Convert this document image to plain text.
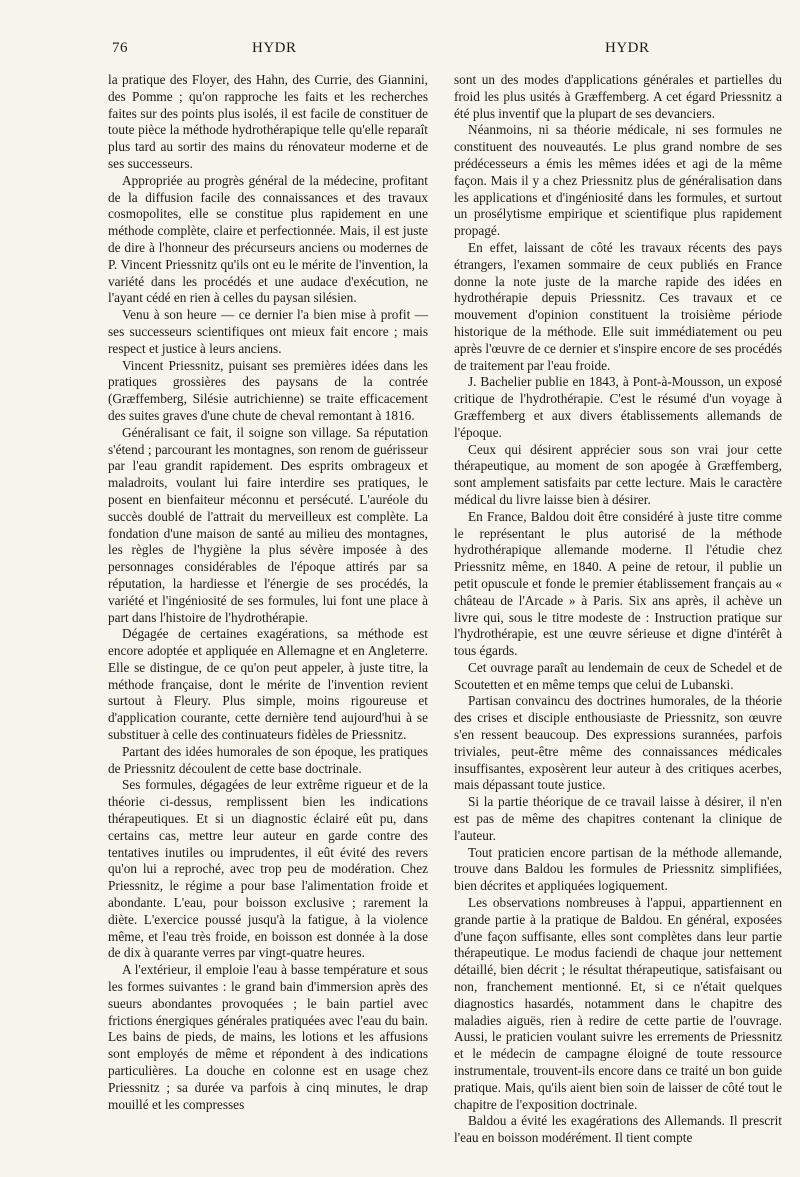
76	HYDR	HYDR

la pratique des Floyer, des Hahn, des Currie, des Giannini, des Pomme ; qu'on rapproche les faits et les recherches faites sur des points plus isolés, il est facile de constituer de toute pièce la méthode hydrothérapique telle qu'elle reparaît plus tard au sortir des mains du rénovateur moderne et de ses successeurs.

Appropriée au progrès général de la médecine, profitant de la diffusion facile des connaissances et des travaux cosmopolites, elle se constitue plus rapidement en une méthode complète, claire et perfectionnée. Mais, il est juste de dire à l'honneur des précurseurs anciens ou modernes de P. Vincent Priessnitz qu'ils ont eu le mérite de l'invention, la variété dans les procédés et une audace d'exécution, ne l'ayant cédé en rien à celles du paysan silésien.

Venu à son heure — ce dernier l'a bien mise à profit — ses successeurs scientifiques ont mieux fait encore ; mais respect et justice à leurs anciens.

Vincent Priessnitz, puisant ses premières idées dans les pratiques grossières des paysans de la contrée (Græffemberg, Silésie autrichienne) se traite efficacement des suites graves d'une chute de cheval remontant à 1816.

Généralisant ce fait, il soigne son village. Sa réputation s'étend ; parcourant les montagnes, son renom de guérisseur par l'eau grandit rapidement. Des esprits ombrageux et maladroits, voulant lui faire interdire ses pratiques, le posent en bienfaiteur méconnu et persécuté. L'auréole du succès doublé de l'attrait du merveilleux est complète. La fondation d'une maison de santé au milieu des montagnes, les règles de l'hygiène la plus sévère imposée à des personnages considérables de l'époque attirés par sa réputation, la hardiesse et l'énergie de ses procédés, la variété et l'ingéniosité de ses formules, lui font une place à part dans l'histoire de l'hydrothérapie.

Dégagée de certaines exagérations, sa méthode est encore adoptée et appliquée en Allemagne et en Angleterre. Elle se distingue, de ce qu'on peut appeler, à juste titre, la méthode française, dont le mérite de l'invention revient surtout à Fleury. Plus simple, moins rigoureuse et d'application courante, cette dernière tend aujourd'hui à se substituer à celle des continuateurs fidèles de Priessnitz.

Partant des idées humorales de son époque, les pratiques de Priessnitz découlent de cette base doctrinale.

Ses formules, dégagées de leur extrême rigueur et de la théorie ci-dessus, remplissent bien les indications thérapeutiques. Et si un diagnostic éclairé eût pu, dans certains cas, mettre leur auteur en garde contre des tentatives inutiles ou imprudentes, il eût évité des revers qu'on lui a reproché, avec trop peu de modération. Chez Priessnitz, le régime a pour base l'alimentation froide et abondante. L'eau, pour boisson exclusive ; rarement la diète. L'exercice poussé jusqu'à la fatigue, à la violence même, et l'eau très froide, en boisson est donnée à la dose de dix à quarante verres par vingt-quatre heures.

A l'extérieur, il emploie l'eau à basse température et sous les formes suivantes : le grand bain d'immersion après des sueurs abondantes provoquées ; le bain partiel avec frictions énergiques générales pratiquées avec l'eau du bain. Les bains de pieds, de mains, les lotions et les affusions sont employés de même et répondent à des indications particulières. La douche en colonne est en usage chez Priessnitz ; sa durée va parfois à cinq minutes, le drap mouillé et les compresses

sont un des modes d'applications générales et partielles du froid les plus usités à Græffemberg. A cet égard Priessnitz a été plus inventif que la plupart de ses devanciers.

Néanmoins, ni sa théorie médicale, ni ses formules ne constituent des nouveautés. Le plus grand nombre de ses prédécesseurs a émis les mêmes idées et agi de la même façon. Mais il y a chez Priessnitz plus de généralisation dans les applications et d'ingéniosité dans les formules, et surtout un prosélytisme empirique et scientifique plus rapidement propagé.

En effet, laissant de côté les travaux récents des pays étrangers, l'examen sommaire de ceux publiés en France donne la note juste de la marche rapide des idées en hydrothérapie depuis Priessnitz. Ces travaux et ce mouvement d'opinion constituent la troisième période historique de la méthode. Elle suit immédiatement ou peu après l'œuvre de ce dernier et s'inspire encore de ses procédés de traitement par l'eau froide.

J. Bachelier publie en 1843, à Pont-à-Mousson, un exposé critique de l'hydrothérapie. C'est le résumé d'un voyage à Græffemberg et aux divers établissements allemands de l'époque.

Ceux qui désirent apprécier sous son vrai jour cette thérapeutique, au moment de son apogée à Græffemberg, sont amplement satisfaits par cette lecture. Mais le caractère médical du livre laisse bien à désirer.

En France, Baldou doit être considéré à juste titre comme le représentant le plus autorisé de la méthode hydrothérapique allemande moderne. Il l'étudie chez Priessnitz même, en 1840. A peine de retour, il publie un petit opuscule et fonde le premier établissement français au « château de l'Arcade » à Paris. Six ans après, il achève un livre qui, sous le titre modeste de : Instruction pratique sur l'hydrothérapie, est une œuvre sérieuse et digne d'intérêt à tous égards.

Cet ouvrage paraît au lendemain de ceux de Schedel et de Scoutetten et en même temps que celui de Lubanski.

Partisan convaincu des doctrines humorales, de la théorie des crises et disciple enthousiaste de Priessnitz, son œuvre s'en ressent beaucoup. Des expressions surannées, parfois triviales, peut-être même des connaissances médicales insuffisantes, exposèrent leur auteur à des critiques acerbes, mais dépassant toute justice.

Si la partie théorique de ce travail laisse à désirer, il n'en est pas de même des chapitres contenant la clinique de l'auteur.

Tout praticien encore partisan de la méthode allemande, trouve dans Baldou les formules de Priessnitz simplifiées, bien décrites et appliquées logiquement.

Les observations nombreuses à l'appui, appartiennent en grande partie à la pratique de Baldou. En général, exposées d'une façon suffisante, elles sont complètes dans leur partie thérapeutique. Le modus faciendi de chaque jour nettement détaillé, bien décrit ; le résultat thérapeutique, satisfaisant ou non, franchement mentionné. Et, si ce n'était quelques diagnostics hasardés, notamment dans le chapitre des maladies aiguës, rien à redire de cette partie de l'ouvrage. Aussi, le praticien voulant suivre les errements de Priessnitz et le médecin de campagne éloigné de toute ressource instrumentale, trouvent-ils encore dans ce traité un bon guide pratique. Mais, qu'ils aient bien soin de laisser de côté tout le chapitre de l'exposition doctrinale.

Baldou a évité les exagérations des Allemands. Il prescrit l'eau en boisson modérément. Il tient compte
